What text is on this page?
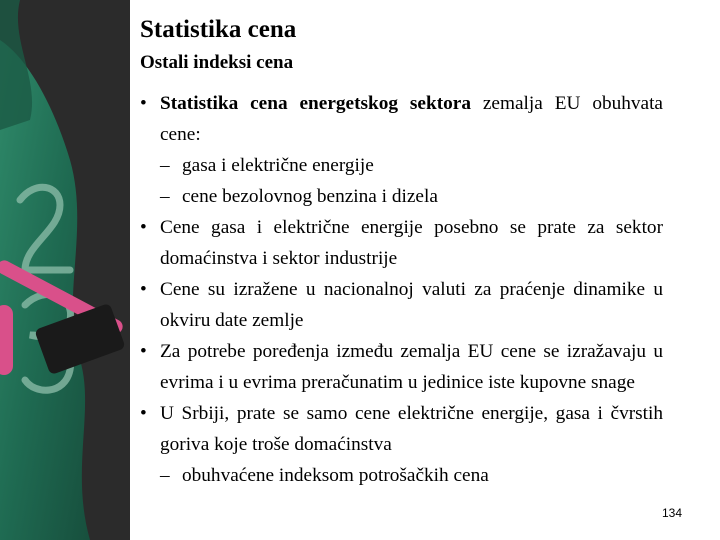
Statistika cena
Ostali indeksi cena
• Statistika cena energetskog sektora zemalja EU obuhvata cene:
– gasa i električne energije
– cene bezolovnog benzina i dizela
• Cene gasa i električne energije posebno se prate za sektor domaćinstva i sektor industrije
• Cene su izražene u nacionalnoj valuti za praćenje dinamike u okviru date zemlje
• Za potrebe poređenja između zemalja EU cene se izražavaju u evrima i u evrima preračunatim u jedinice iste kupovne snage
• U Srbiji, prate se samo cene električne energije, gasa i čvrstih goriva koje troše domaćinstva
– obuhvaćene indeksom potrošačkih cena
134
